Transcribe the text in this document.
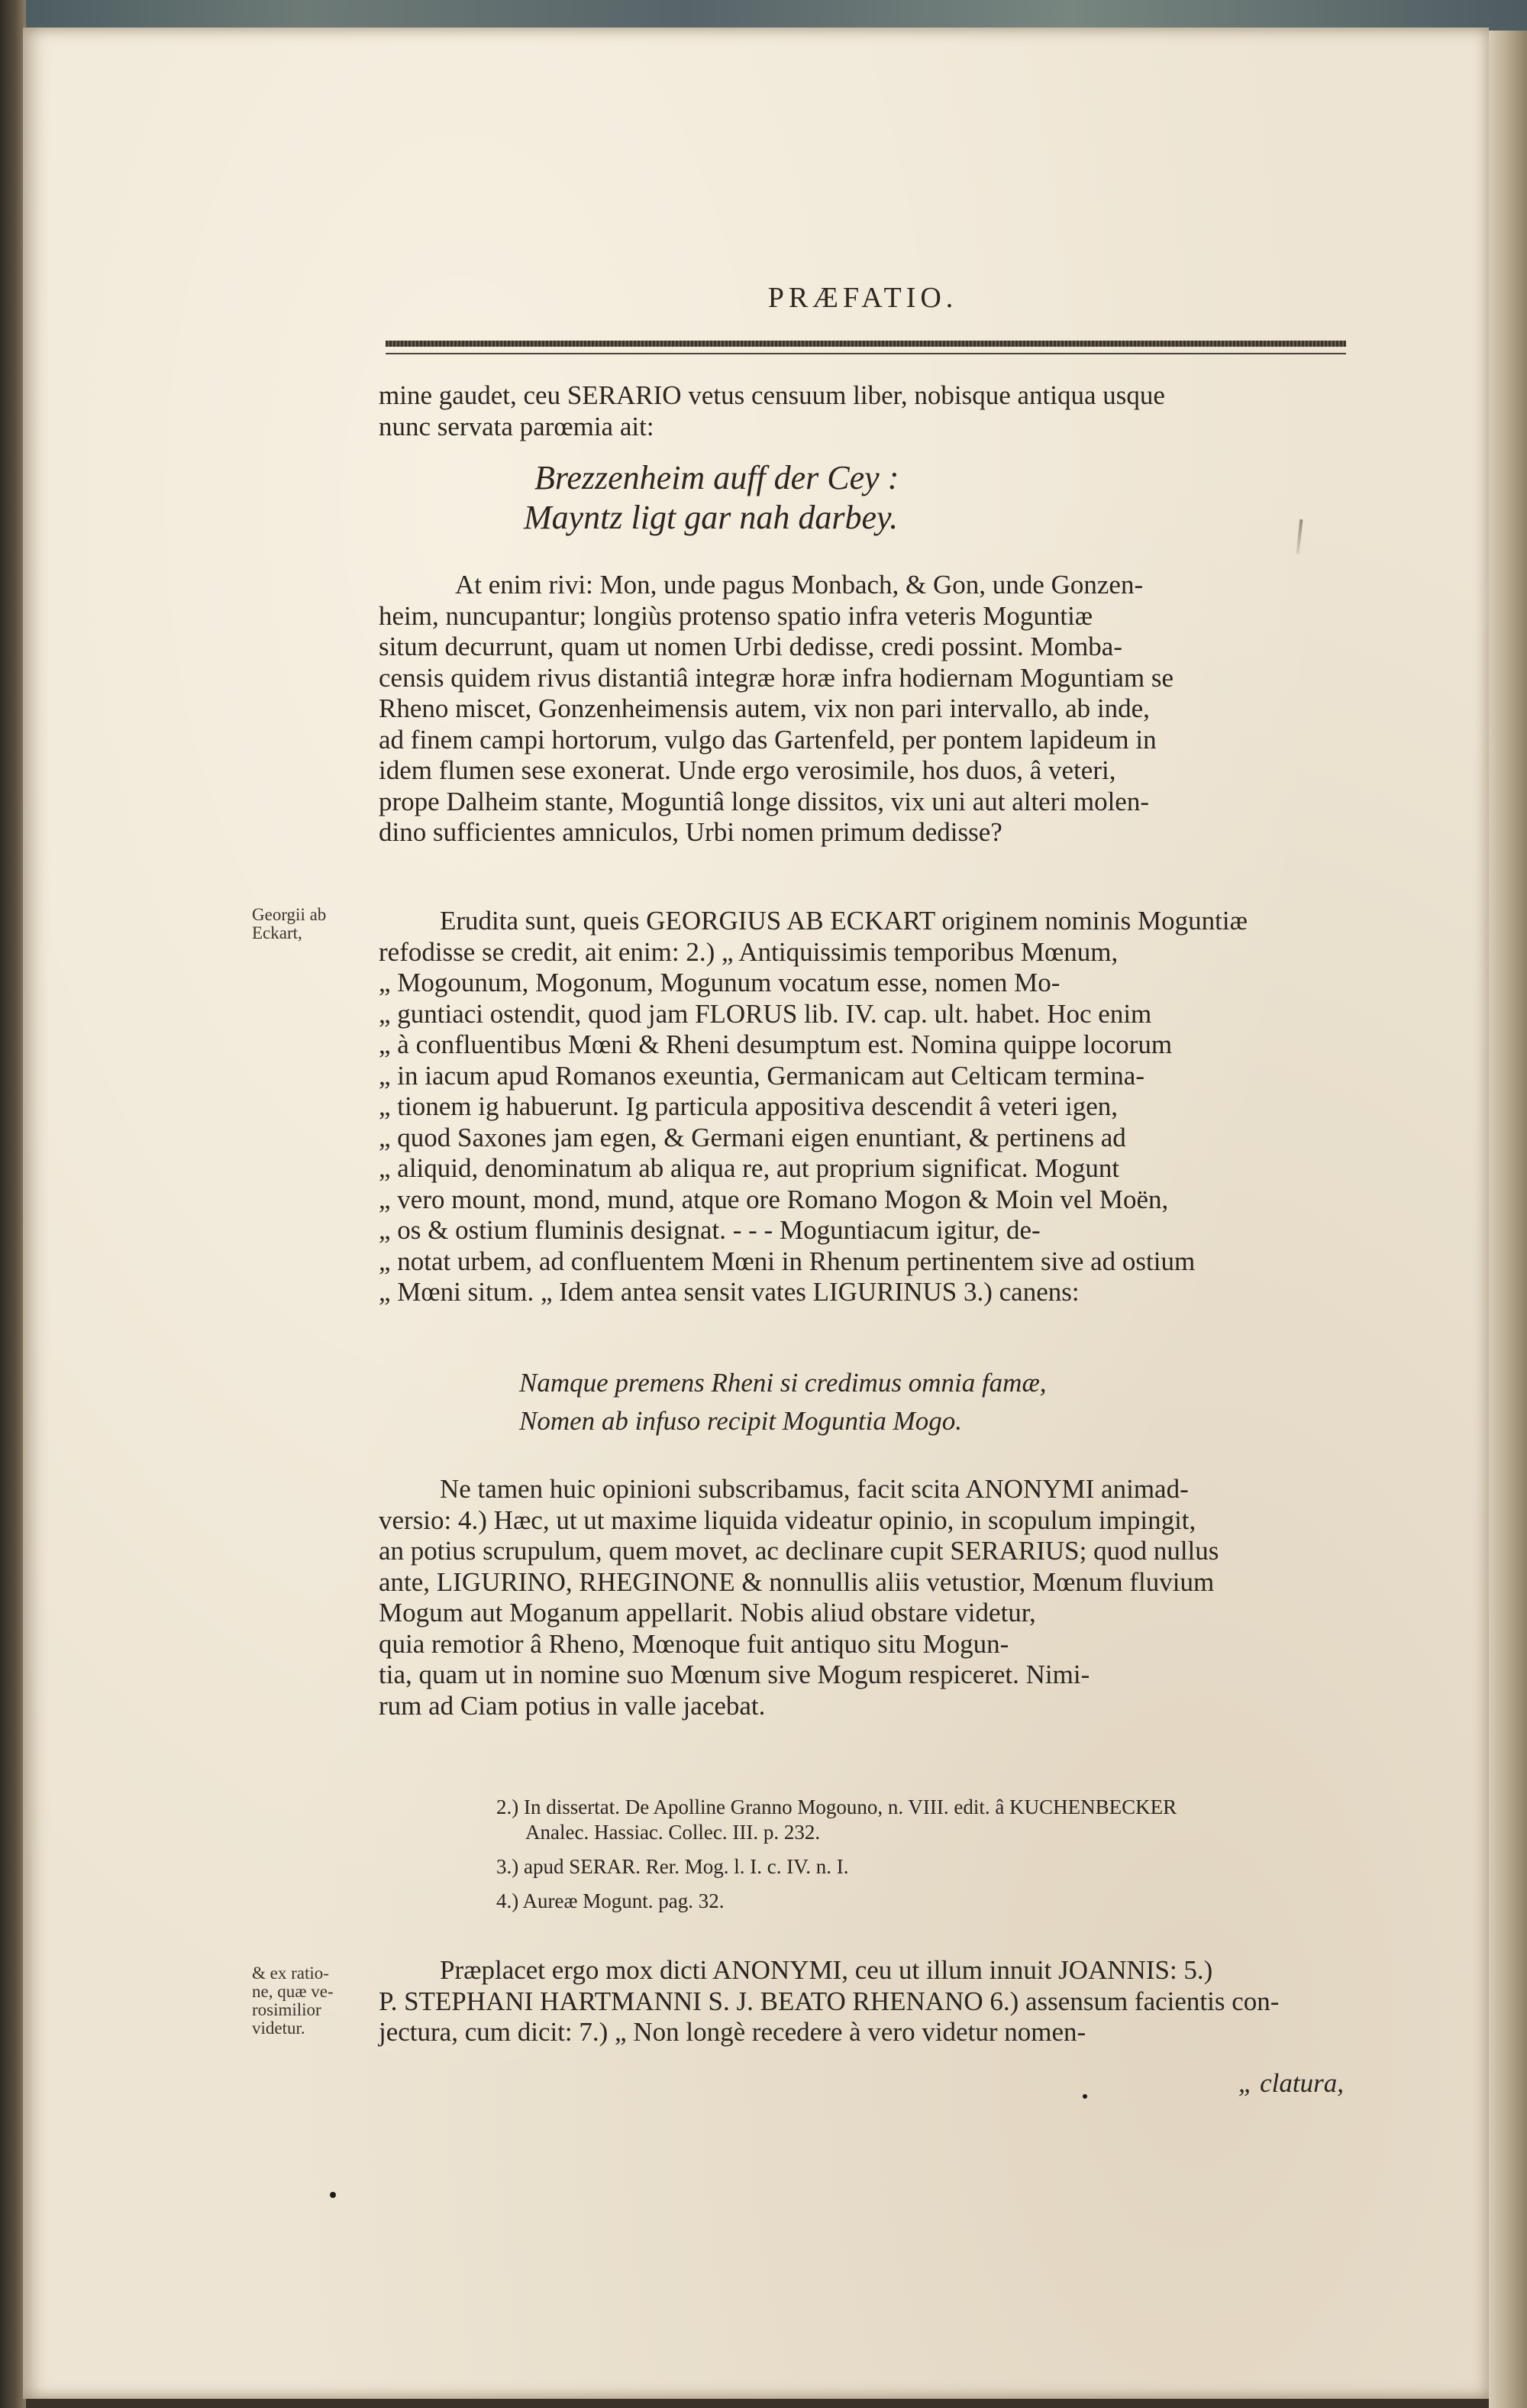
PRÆFATIO.

mine gaudet, ceu SERARIO vetus censuum liber, nobisque antiqua usque

nunc servata parœmia ait:

Brezzenheim auff der Cey :
Mayntz ligt gar nah darbey.

At enim rivi: Mon, unde pagus Monbach, & Gon, unde Gonzen-

heim, nuncupantur; longiùs protenso spatio infra veteris Moguntiæ

situm decurrunt, quam ut nomen Urbi dedisse, credi possint. Momba-

censis quidem rivus distantiâ integræ horæ infra hodiernam Moguntiam se

Rheno miscet, Gonzenheimensis autem, vix non pari intervallo, ab inde,

ad finem campi hortorum, vulgo das Gartenfeld, per pontem lapideum in

idem flumen sese exonerat. Unde ergo verosimile, hos duos, â veteri,

prope Dalheim stante, Moguntiâ longe dissitos, vix uni aut alteri molen-

dino sufficientes amniculos, Urbi nomen primum dedisse?

Georgii ab
Eckart,	Erudita sunt, queis GEORGIUS AB ECKART originem nominis Moguntiæ

refodisse se credit, ait enim: 2.) „ Antiquissimis temporibus Mœnum,

„ Mogounum, Mogonum, Mogunum vocatum esse, nomen Mo-

„ guntiaci ostendit, quod jam FLORUS lib. IV. cap. ult. habet. Hoc enim

„ à confluentibus Mœni & Rheni desumptum est. Nomina quippe locorum

„ in iacum apud Romanos exeuntia, Germanicam aut Celticam termina-

„ tionem ig habuerunt. Ig particula appositiva descendit â veteri igen,

„ quod Saxones jam egen, & Germani eigen enuntiant, & pertinens ad

„ aliquid, denominatum ab aliqua re, aut proprium significat. Mogunt

„ vero mount, mond, mund, atque ore Romano Mogon & Moin vel Moën,

„ os & ostium fluminis designat. - - - Moguntiacum igitur, de-

„ notat urbem, ad confluentem Mœni in Rhenum pertinentem sive ad ostium

„ Mœni situm. „ Idem antea sensit vates LIGURINUS 3.) canens:

Namque premens Rheni si credimus omnia famæ,
Nomen ab infuso recipit Moguntia Mogo.

Ne tamen huic opinioni subscribamus, facit scita ANONYMI animad-

versio: 4.) Hæc, ut ut maxime liquida videatur opinio, in scopulum impingit,

an potius scrupulum, quem movet, ac declinare cupit SERARIUS; quod nullus

ante, LIGURINO, RHEGINONE & nonnullis aliis vetustior, Mœnum fluvium

Mogum aut Moganum appellarit. Nobis aliud obstare videtur,

quia remotior â Rheno, Mœnoque fuit antiquo situ Mogun-

tia, quam ut in nomine suo Mœnum sive Mogum respiceret. Nimi-

rum ad Ciam potius in valle jacebat.

2.) In dissertat. De Apolline Granno Mogouno, n. VIII. edit. â KUCHENBECKER
Analec. Hassiac. Collec. III. p. 232.
3.) apud SERAR. Rer. Mog. l. I. c. IV. n. I.
4.) Aureæ Mogunt. pag. 32.
& ex ratio-
ne, quæ ve-
rosimilior
videtur.

Præplacet ergo mox dicti ANONYMI, ceu ut illum innuit JOANNIS: 5.)

P. STEPHANI HARTMANNI S. J. BEATO RHENANO 6.) assensum facientis con-

jectura, cum dicit: 7.) „ Non longè recedere à vero videtur nomen-

„ clatura,
